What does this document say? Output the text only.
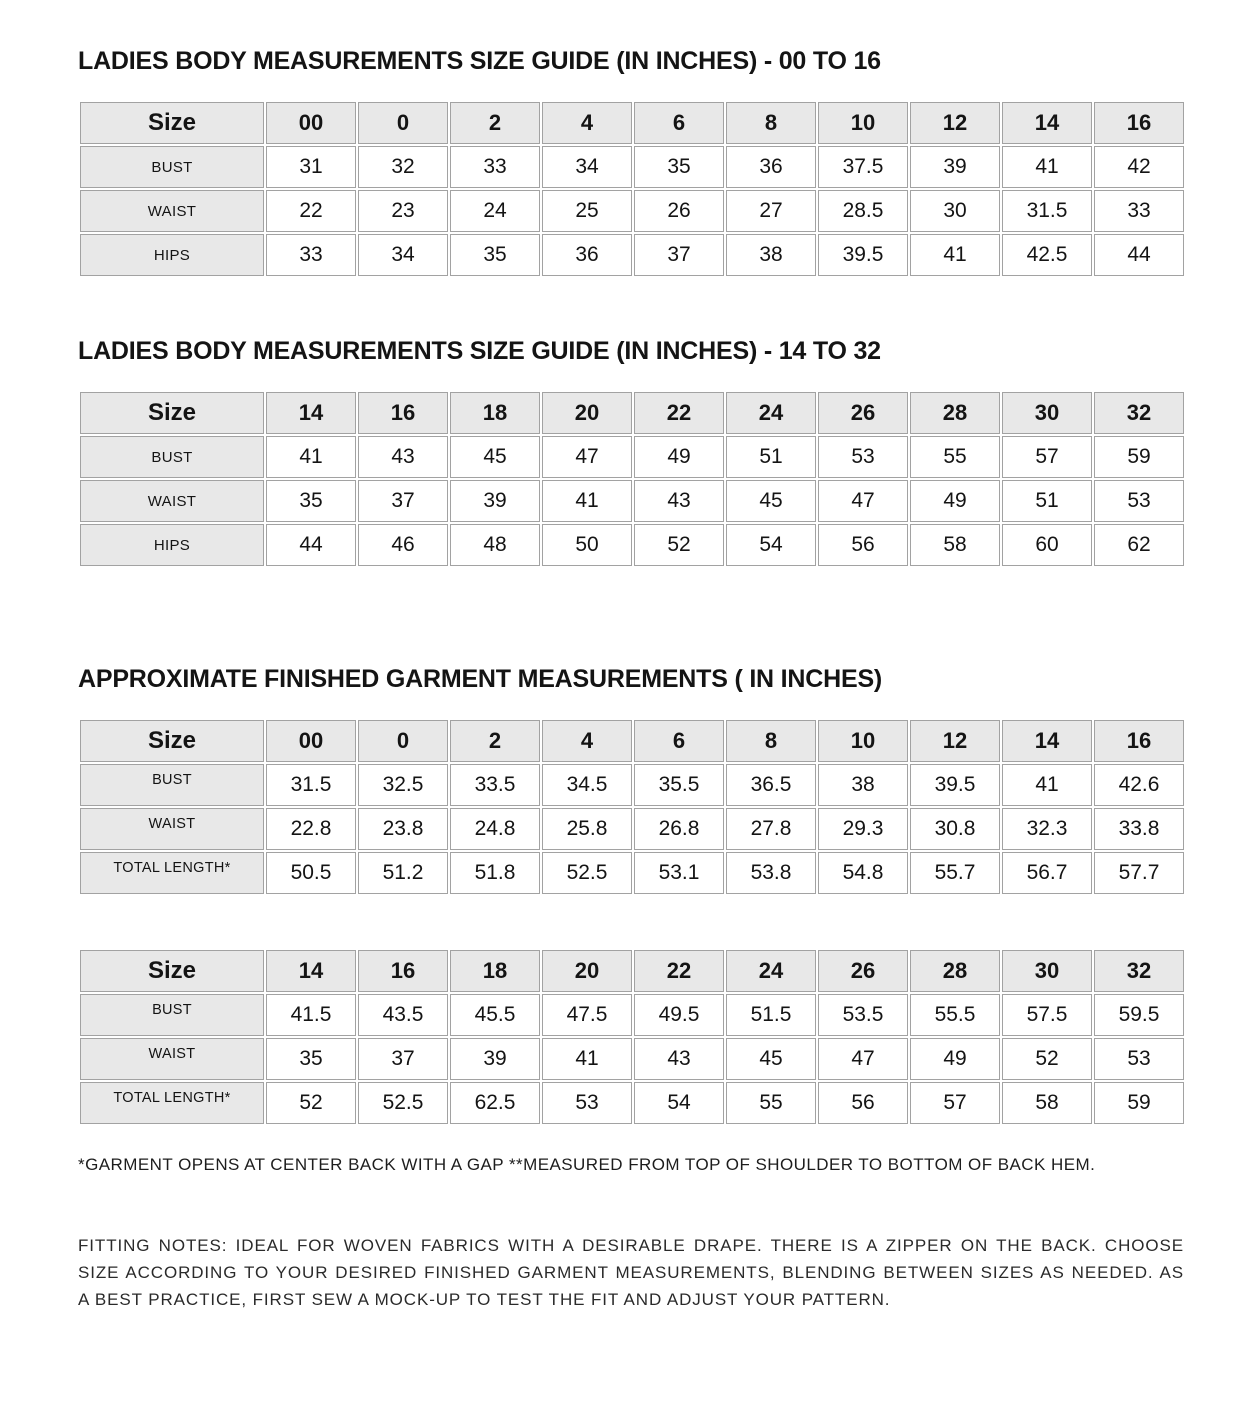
LADIES BODY MEASUREMENTS SIZE GUIDE (IN INCHES) - 00 TO 16
Size	00	0	2	4	6	8	10	12	14	16
BUST	31	32	33	34	35	36	37.5	39	41	42
WAIST	22	23	24	25	26	27	28.5	30	31.5	33
HIPS	33	34	35	36	37	38	39.5	41	42.5	44
LADIES BODY MEASUREMENTS SIZE GUIDE (IN INCHES) - 14 TO 32
Size	14	16	18	20	22	24	26	28	30	32
BUST	41	43	45	47	49	51	53	55	57	59
WAIST	35	37	39	41	43	45	47	49	51	53
HIPS	44	46	48	50	52	54	56	58	60	62
APPROXIMATE FINISHED GARMENT MEASUREMENTS ( IN INCHES)
Size	00	0	2	4	6	8	10	12	14	16
BUST	31.5	32.5	33.5	34.5	35.5	36.5	38	39.5	41	42.6
WAIST	22.8	23.8	24.8	25.8	26.8	27.8	29.3	30.8	32.3	33.8
TOTAL LENGTH*	50.5	51.2	51.8	52.5	53.1	53.8	54.8	55.7	56.7	57.7
Size	14	16	18	20	22	24	26	28	30	32
BUST	41.5	43.5	45.5	47.5	49.5	51.5	53.5	55.5	57.5	59.5
WAIST	35	37	39	41	43	45	47	49	52	53
TOTAL LENGTH*	52	52.5	62.5	53	54	55	56	57	58	59

*GARMENT OPENS AT CENTER BACK WITH A GAP **MEASURED FROM TOP OF SHOULDER TO BOTTOM OF BACK HEM.

FITTING NOTES: IDEAL FOR WOVEN FABRICS WITH A DESIRABLE DRAPE. THERE IS A ZIPPER ON THE BACK. CHOOSE SIZE ACCORDING TO YOUR DESIRED FINISHED GARMENT MEASUREMENTS, BLENDING BETWEEN SIZES AS NEEDED. AS A BEST PRACTICE, FIRST SEW A MOCK-UP TO TEST THE FIT AND ADJUST YOUR PATTERN.
